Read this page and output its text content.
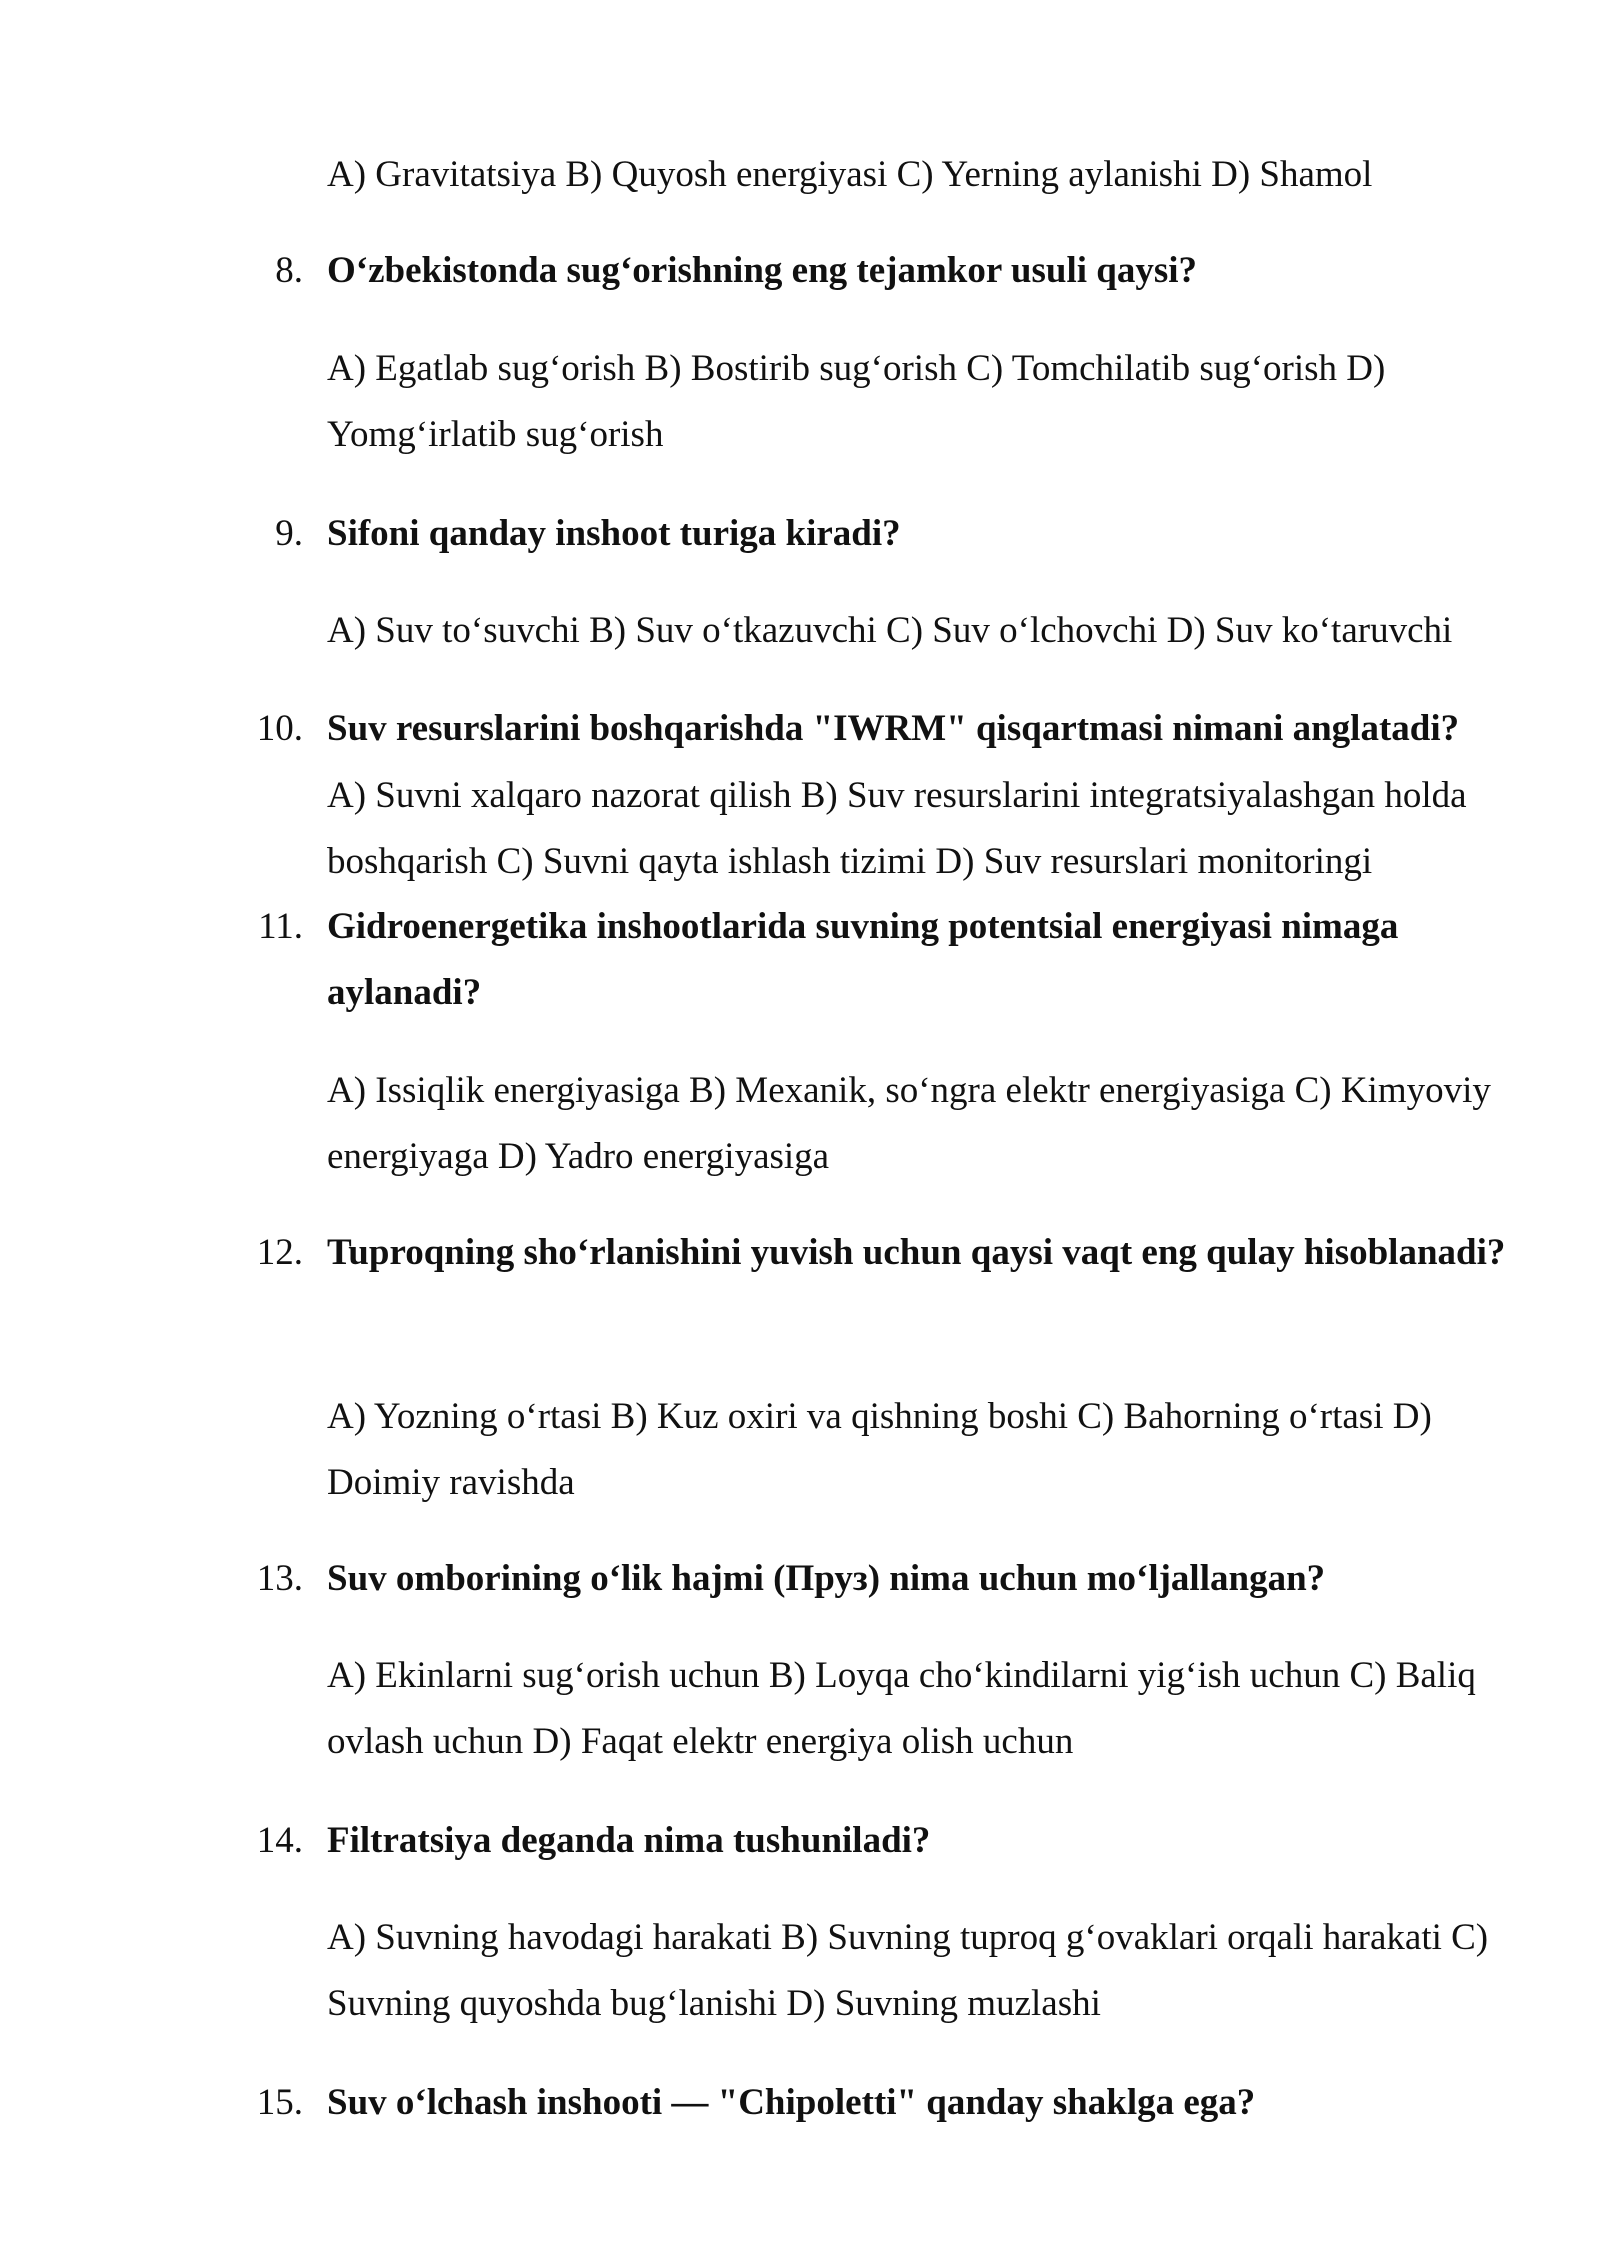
A) Gravitatsiya B) Quyosh energiyasi C) Yerning aylanishi D) Shamol

8. O‘zbekistonda sug‘orishning eng tejamkor usuli qaysi?

A) Egatlab sug‘orish B) Bostirib sug‘orish C) Tomchilatib sug‘orish D) Yomg‘irlatib sug‘orish

9. Sifoni qanday inshoot turiga kiradi?

A) Suv to‘suvchi B) Suv o‘tkazuvchi C) Suv o‘lchovchi D) Suv ko‘taruvchi

10. Suv resurslarini boshqarishda "IWRM" qisqartmasi nimani anglatadi?

A) Suvni xalqaro nazorat qilish B) Suv resurslarini integratsiyalashgan holda boshqarish C) Suvni qayta ishlash tizimi D) Suv resurslari monitoringi

11. Gidroenergetika inshootlarida suvning potentsial energiyasi nimaga aylanadi?

A) Issiqlik energiyasiga B) Mexanik, so‘ngra elektr energiyasiga C) Kimyoviy energiyaga D) Yadro energiyasiga

12. Tuproqning sho‘rlanishini yuvish uchun qaysi vaqt eng qulay hisoblanadi?

A) Yozning o‘rtasi B) Kuz oxiri va qishning boshi C) Bahorning o‘rtasi D) Doimiy ravishda

13. Suv omborining o‘lik hajmi (Пруз) nima uchun mo‘ljallangan?

A) Ekinlarni sug‘orish uchun B) Loyqa cho‘kindilarni yig‘ish uchun C) Baliq ovlash uchun D) Faqat elektr energiya olish uchun

14. Filtratsiya deganda nima tushuniladi?

A) Suvning havodagi harakati B) Suvning tuproq g‘ovaklari orqali harakati C) Suvning quyoshda bug‘lanishi D) Suvning muzlashi

15. Suv o‘lchash inshooti — "Chipoletti" qanday shaklga ega?
